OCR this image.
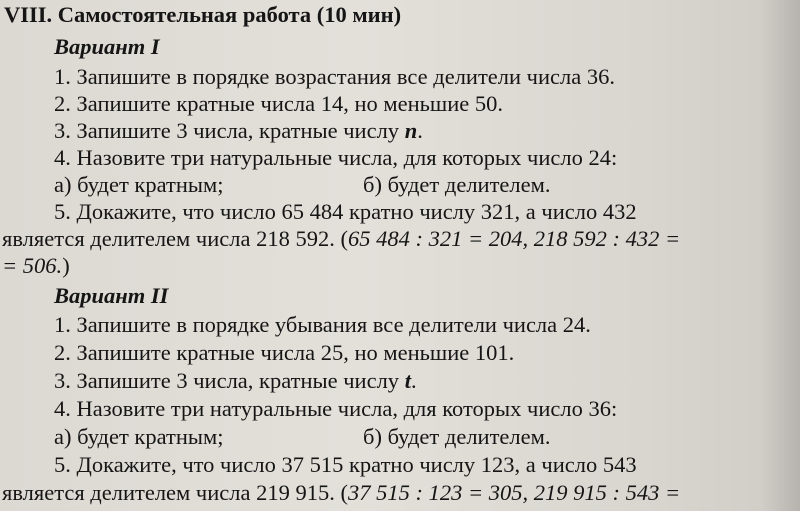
VIII. Самостоятельная работа (10 мин)
Вариант I
1. Запишите в порядке возрастания все делители числа 36.
2. Запишите кратные числа 14, но меньшие 50.
3. Запишите 3 числа, кратные числу n.
4. Назовите три натуральные числа, для которых число 24:
а) будет кратным;	б) будет делителем.
5. Докажите, что число 65 484 кратно числу 321, а число 432
является делителем числа 218 592. (65 484 : 321 = 204, 218 592 : 432 =
= 506.)
Вариант II
1. Запишите в порядке убывания все делители числа 24.
2. Запишите кратные числа 25, но меньшие 101.
3. Запишите 3 числа, кратные числу t.
4. Назовите три натуральные числа, для которых число 36:
а) будет кратным;	б) будет делителем.
5. Докажите, что число 37 515 кратно числу 123, а число 543
является делителем числа 219 915. (37 515 : 123 = 305, 219 915 : 543 =
